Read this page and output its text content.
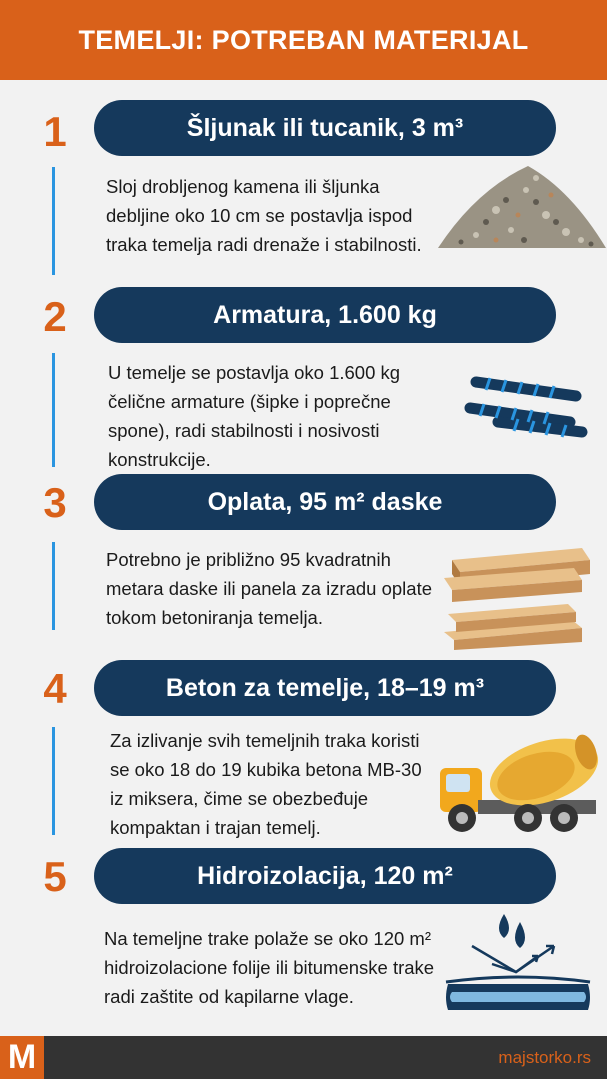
TEMELJI: POTREBAN MATERIJAL
1	Šljunak ili tucanik, 3 m³
Sloj drobljenog kamena ili šljunka
debljine oko 10 cm se postavlja ispod
traka temelja radi drenaže i stabilnosti.
2	Armatura, 1.600 kg
U temelje se postavlja oko 1.600 kg
čelične armature (šipke i poprečne
spone), radi stabilnosti i nosivosti
konstrukcije.
3	Oplata, 95 m² daske
Potrebno je približno 95 kvadratnih
metara daske ili panela za izradu oplate
tokom betoniranja temelja.
4	Beton za temelje, 18–19 m³
Za izlivanje svih temeljnih traka koristi
se oko 18 do 19 kubika betona MB-30
iz miksera, čime se obezbeđuje
kompaktan i trajan temelj.
5	Hidroizolacija, 120 m²
Na temeljne trake polaže se oko 120 m²
hidroizolacione folije ili bitumenske trake
radi zaštite od kapilarne vlage.
M	majstorko.rs
